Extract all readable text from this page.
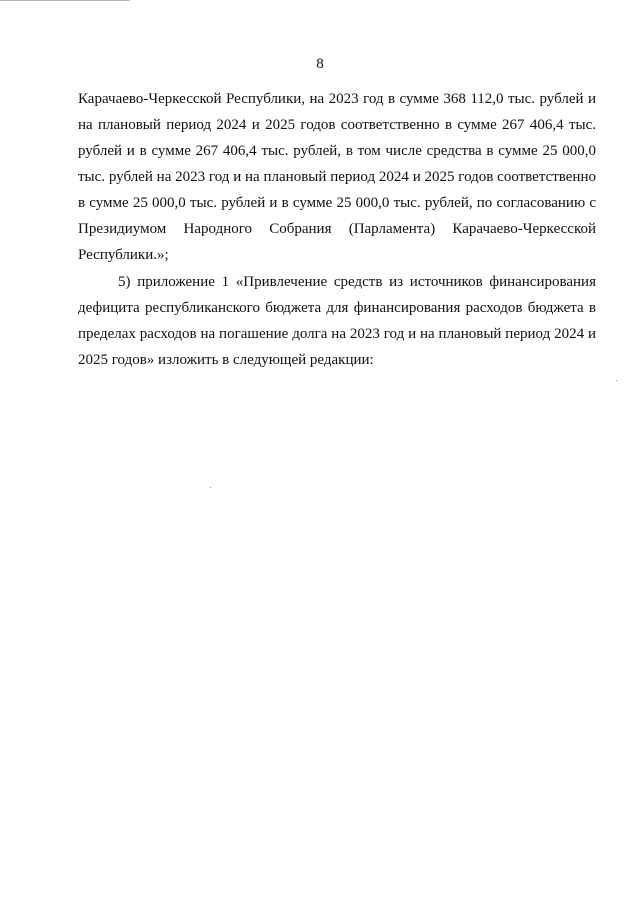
8

Карачаево-Черкесской Республики, на 2023 год в сумме 368 112,0 тыс. рублей и на плановый период 2024 и 2025 годов соответственно в сумме 267 406,4 тыс. рублей и в сумме 267 406,4 тыс. рублей, в том числе средства в сумме 25 000,0 тыс. рублей на 2023 год и на плановый период 2024 и 2025 годов соответственно в сумме 25 000,0 тыс. рублей и в сумме 25 000,0 тыс. рублей, по согласованию с Президиумом Народного Собрания (Парламента) Карачаево-Черкесской Республики.»;

5) приложение 1 «Привлечение средств из источников финансирования дефицита республиканского бюджета для финансирования расходов бюджета в пределах расходов на погашение долга на 2023 год и на плановый период 2024 и 2025 годов» изложить в следующей редакции:
